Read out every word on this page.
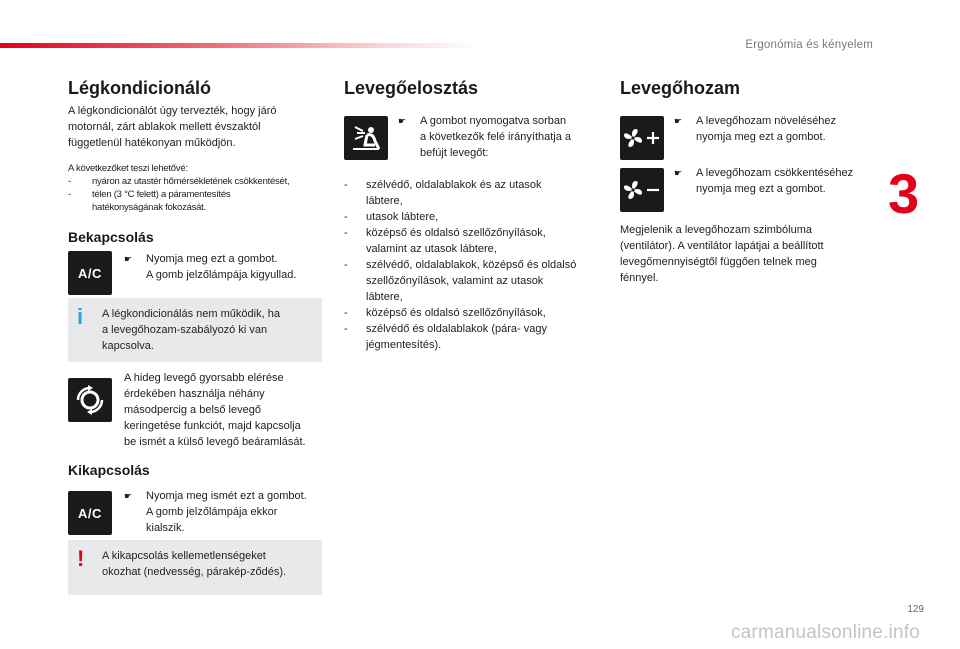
Ergonómia és kényelem
3
129
carmanualsonline.info
Légkondicionáló
A légkondicionálót úgy tervezték, hogy járó
motornál, zárt ablakok mellett évszaktól
függetlenül hatékonyan működjön.
A következőket teszi lehetővé:
-	nyáron az utastér hőmérsékletének csökkentését,
-	télen (3 °C felett) a páramentesítés
hatékonyságának fokozását.
Bekapcsolás
A/C
☛ Nyomja meg ezt a gombot.
A gomb jelzőlámpája kigyullad.
i A légkondicionálás nem működik, ha
a levegőhozam-szabályozó ki van
kapcsolva.
A hideg levegő gyorsabb elérése
érdekében használja néhány
másodpercig a belső levegő
keringetése funkciót, majd kapcsolja
be ismét a külső levegő beáramlását.
Kikapcsolás
A/C
☛ Nyomja meg ismét ezt a gombot.
A gomb jelzőlámpája ekkor
kialszik.
! A kikapcsolás kellemetlenségeket
okozhat (nedvesség, párakép-ződés).
Levegőelosztás
☛ A gombot nyomogatva sorban
a következők felé irányíthatja a
befújt levegőt:
-	szélvédő, oldalablakok és az utasok
lábtere,
-	utasok lábtere,
-	középső és oldalsó szellőzőnyílások,
valamint az utasok lábtere,
-	szélvédő, oldalablakok, középső és oldalsó
szellőzőnyílások, valamint az utasok
lábtere,
-	középső és oldalsó szellőzőnyílások,
-	szélvédő és oldalablakok (pára- vagy
jégmentesítés).
Levegőhozam
☛ A levegőhozam növeléséhez
nyomja meg ezt a gombot.
☛ A levegőhozam csökkentéséhez
nyomja meg ezt a gombot.
Megjelenik a levegőhozam szimbóluma
(ventilátor). A ventilátor lapátjai a beállított
levegőmennyiségtől függően telnek meg
fénnyel.
